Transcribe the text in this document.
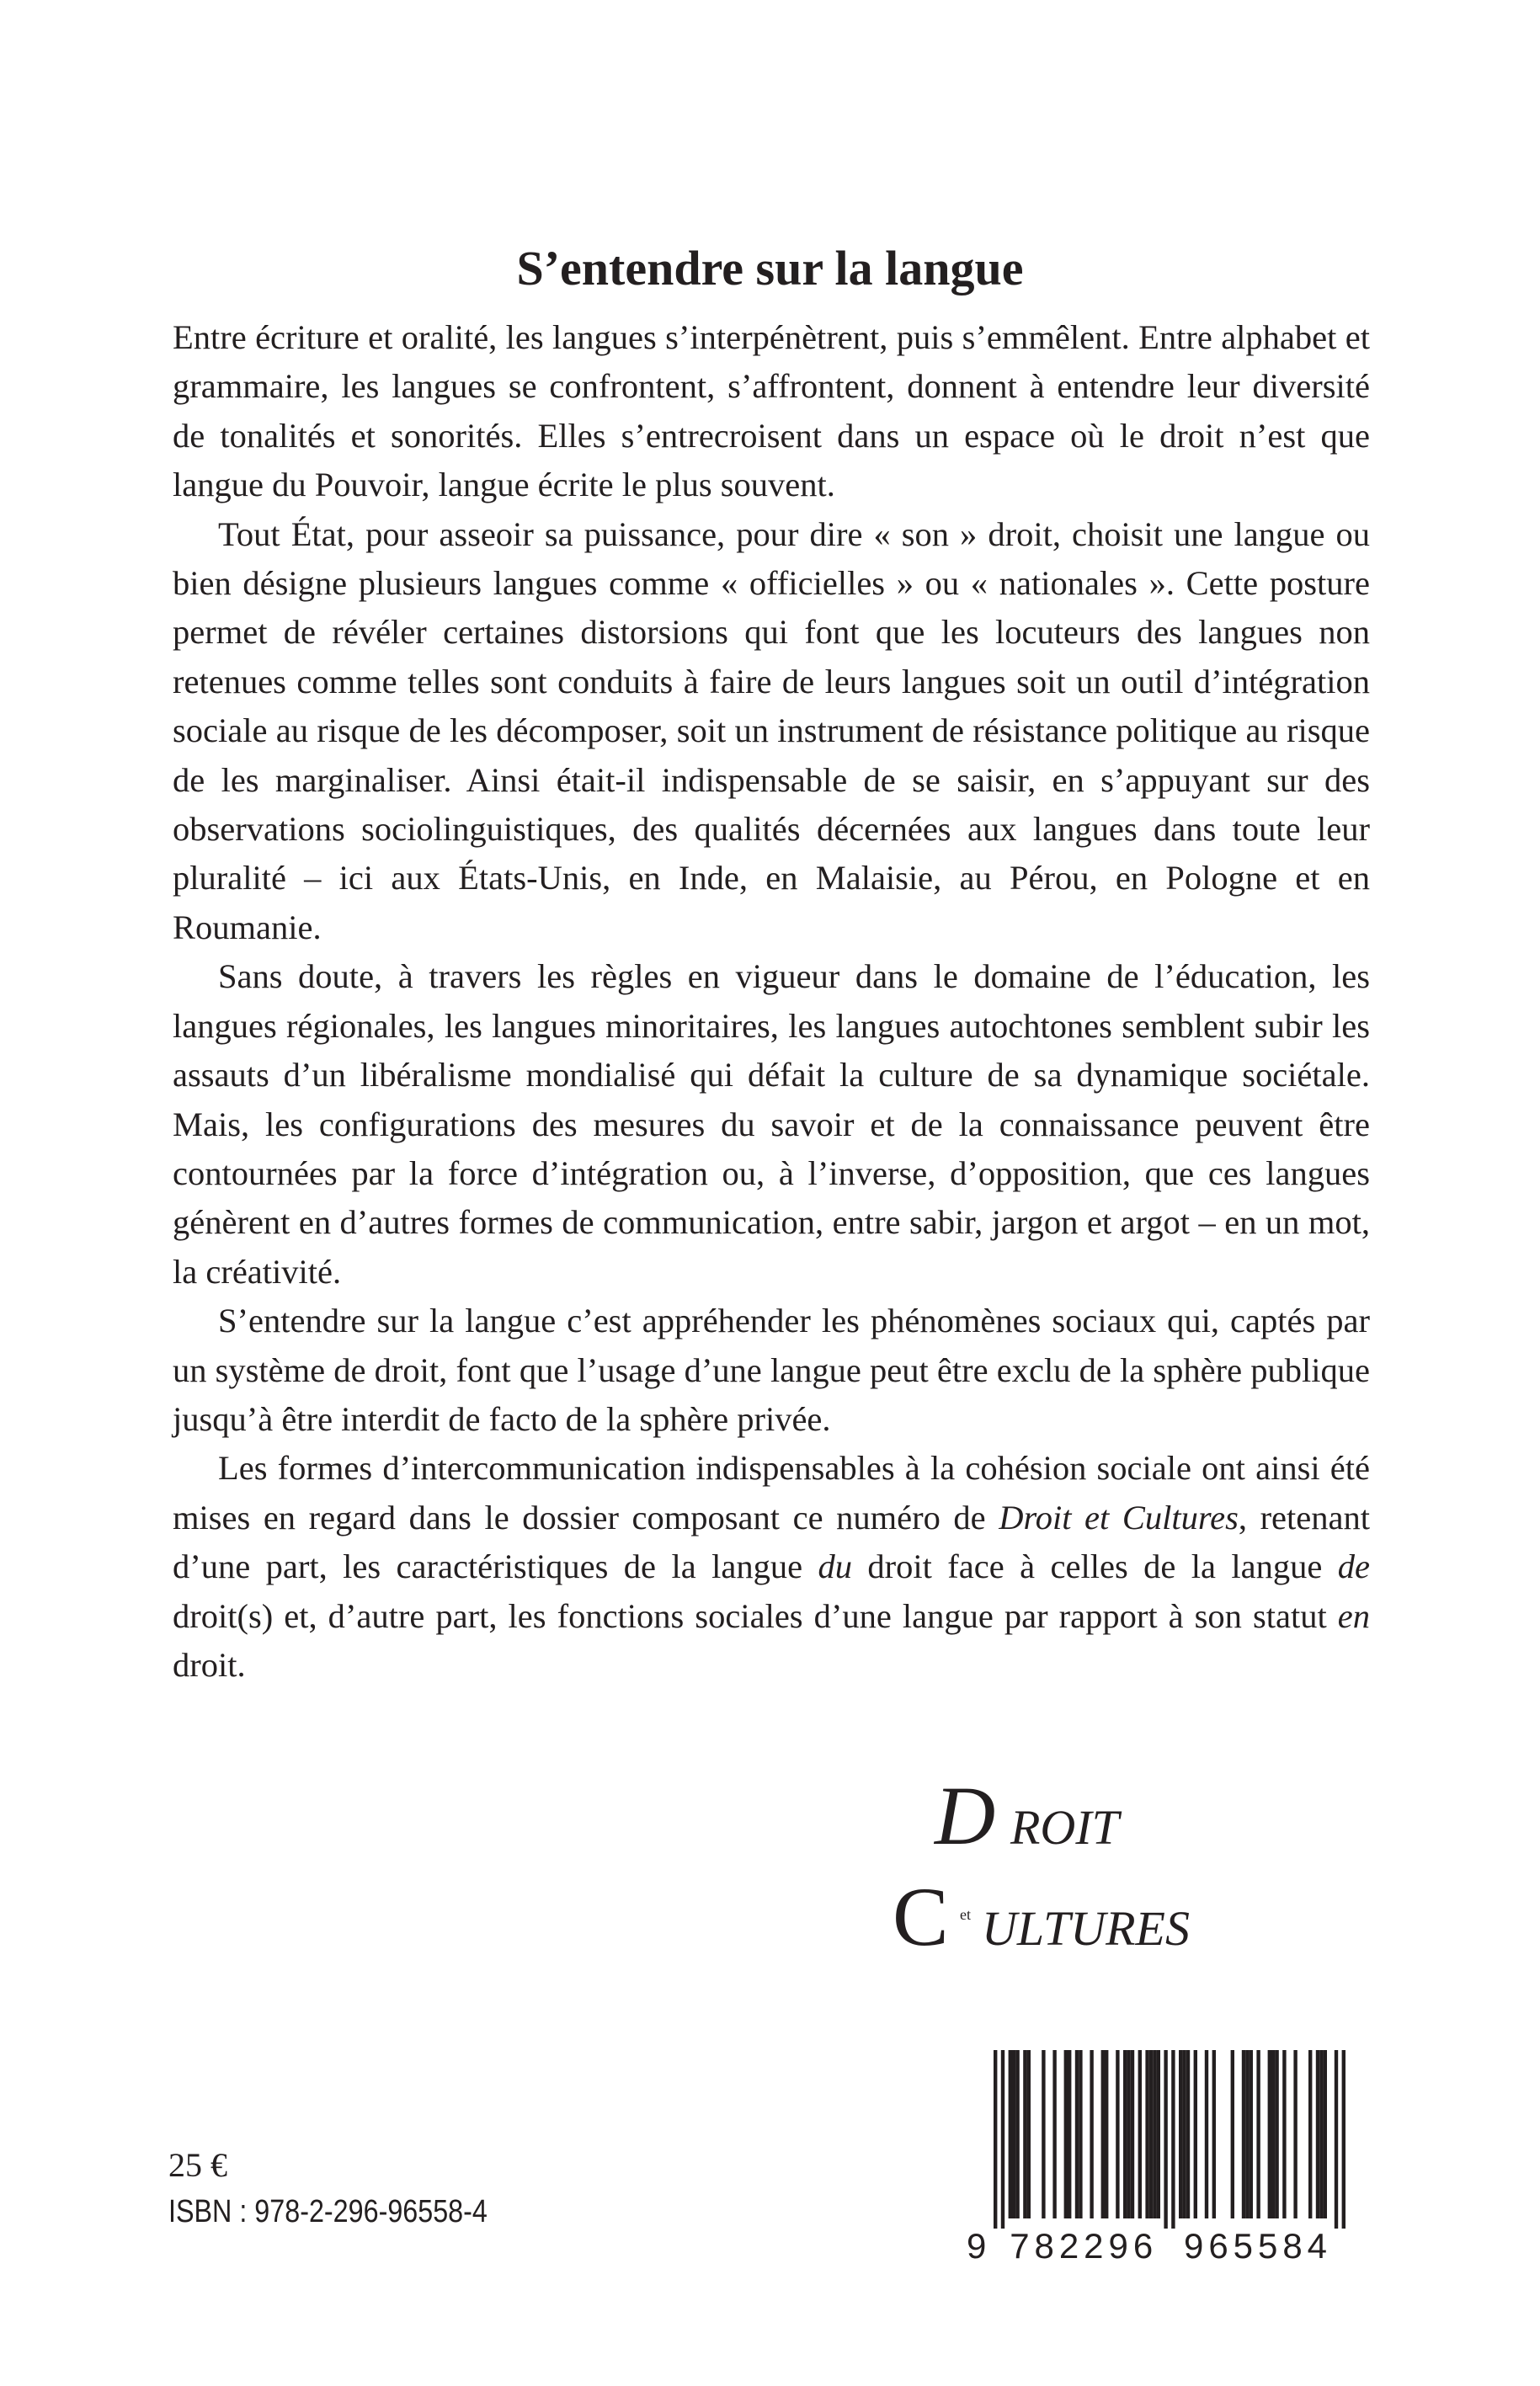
S’entendre sur la langue

Entre écriture et oralité, les langues s’interpénètrent, puis s’emmêlent. Entre alphabet et grammaire, les langues se confrontent, s’affrontent, donnent à entendre leur diversité de tonalités et sonorités. Elles s’entrecroisent dans un espace où le droit n’est que langue du Pouvoir, langue écrite le plus souvent.

Tout État, pour asseoir sa puissance, pour dire « son » droit, choisit une langue ou bien désigne plusieurs langues comme « officielles » ou « nationales ». Cette posture permet de révéler certaines distorsions qui font que les locuteurs des langues non retenues comme telles sont conduits à faire de leurs langues soit un outil d’intégration sociale au risque de les décomposer, soit un instrument de résistance politique au risque de les marginaliser. Ainsi était-il indispensable de se saisir, en s’appuyant sur des observations sociolinguistiques, des qualités décernées aux langues dans toute leur pluralité – ici aux États-Unis, en Inde, en Malaisie, au Pérou, en Pologne et en Roumanie.

Sans doute, à travers les règles en vigueur dans le domaine de l’éducation, les langues régionales, les langues minoritaires, les langues autochtones semblent subir les assauts d’un libéralisme mondialisé qui défait la culture de sa dynamique sociétale. Mais, les configurations des mesures du savoir et de la connaissance peuvent être contournées par la force d’intégration ou, à l’inverse, d’opposition, que ces langues génèrent en d’autres formes de communication, entre sabir, jargon et argot – en un mot, la créativité.

S’entendre sur la langue c’est appréhender les phénomènes sociaux qui, captés par un système de droit, font que l’usage d’une langue peut être exclu de la sphère publique jusqu’à être interdit de facto de la sphère privée.

Les formes d’intercommunication indispensables à la cohésion sociale ont ainsi été mises en regard dans le dossier composant ce numéro de Droit et Cultures, retenant d’une part, les caractéristiques de la langue du droit face à celles de la langue de droit(s) et, d’autre part, les fonctions sociales d’une langue par rapport à son statut en droit.

D ROIT
C et ULTURES
25 €
ISBN : 978-2-296-96558-4
9 782296 965584
